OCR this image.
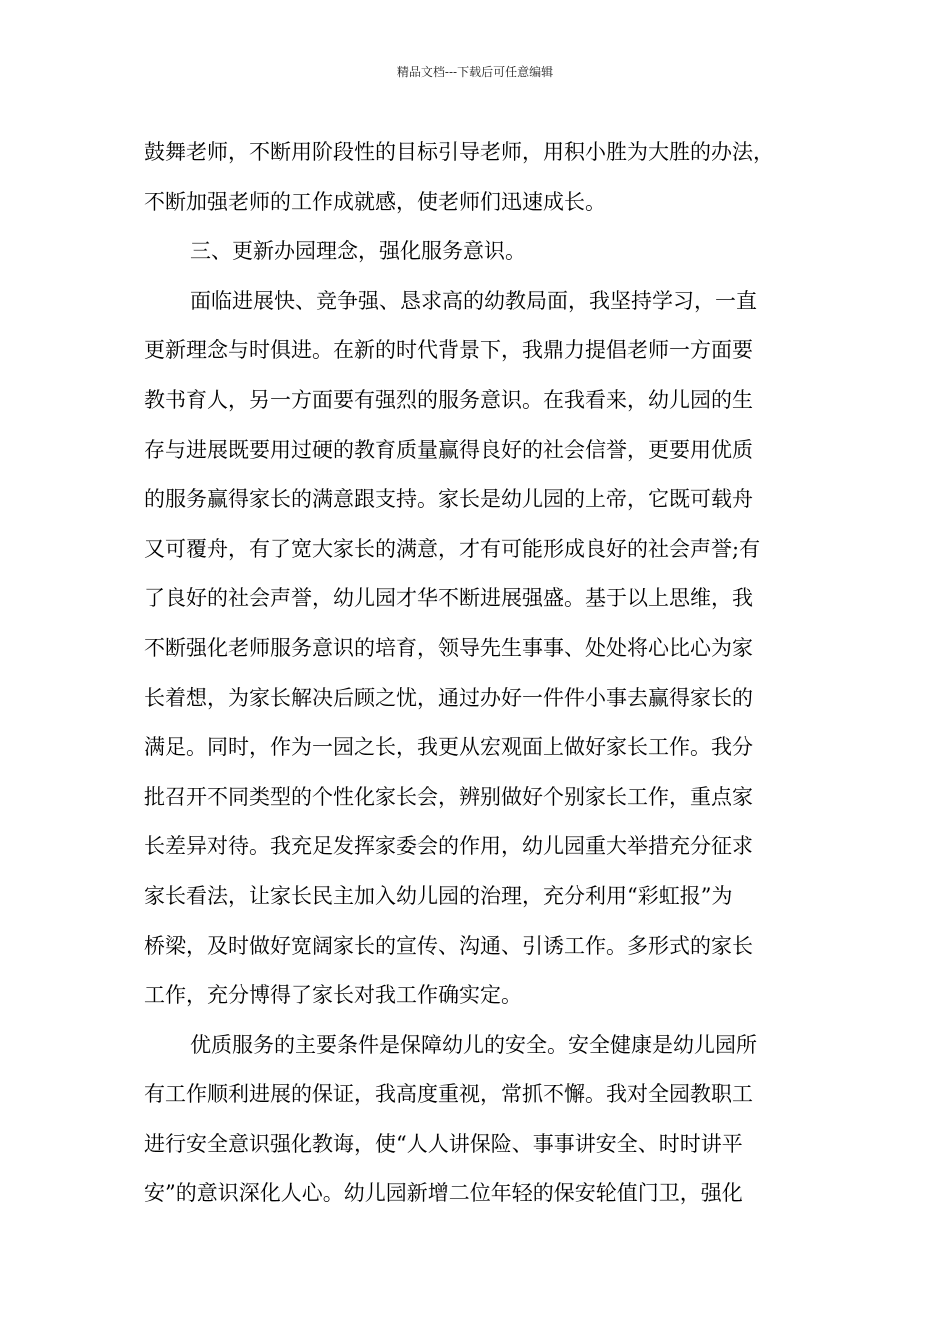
精品文档---下载后可任意编辑
鼓舞老师，不断用阶段性的目标引导老师，用积小胜为大胜的办法，
不断加强老师的工作成就感，使老师们迅速成长。
三、更新办园理念，强化服务意识。
面临进展快、竞争强、恳求高的幼教局面，我坚持学习，一直
更新理念与时俱进。在新的时代背景下，我鼎力提倡老师一方面要
教书育人，另一方面要有强烈的服务意识。在我看来，幼儿园的生
存与进展既要用过硬的教育质量赢得良好的社会信誉，更要用优质
的服务赢得家长的满意跟支持。家长是幼儿园的上帝，它既可载舟
又可覆舟，有了宽大家长的满意，才有可能形成良好的社会声誉;有
了良好的社会声誉，幼儿园才华不断进展强盛。基于以上思维，我
不断强化老师服务意识的培育，领导先生事事、处处将心比心为家
长着想，为家长解决后顾之忧，通过办好一件件小事去赢得家长的
满足。同时，作为一园之长，我更从宏观面上做好家长工作。我分
批召开不同类型的个性化家长会，辨别做好个别家长工作，重点家
长差异对待。我充足发挥家委会的作用，幼儿园重大举措充分征求
家长看法，让家长民主加入幼儿园的治理，充分利用“彩虹报”为
桥梁，及时做好宽阔家长的宣传、沟通、引诱工作。多形式的家长
工作，充分博得了家长对我工作确实定。
优质服务的主要条件是保障幼儿的安全。安全健康是幼儿园所
有工作顺利进展的保证，我高度重视，常抓不懈。我对全园教职工
进行安全意识强化教诲，使“人人讲保险、事事讲安全、时时讲平
安”的意识深化人心。幼儿园新增二位年轻的保安轮值门卫，强化
